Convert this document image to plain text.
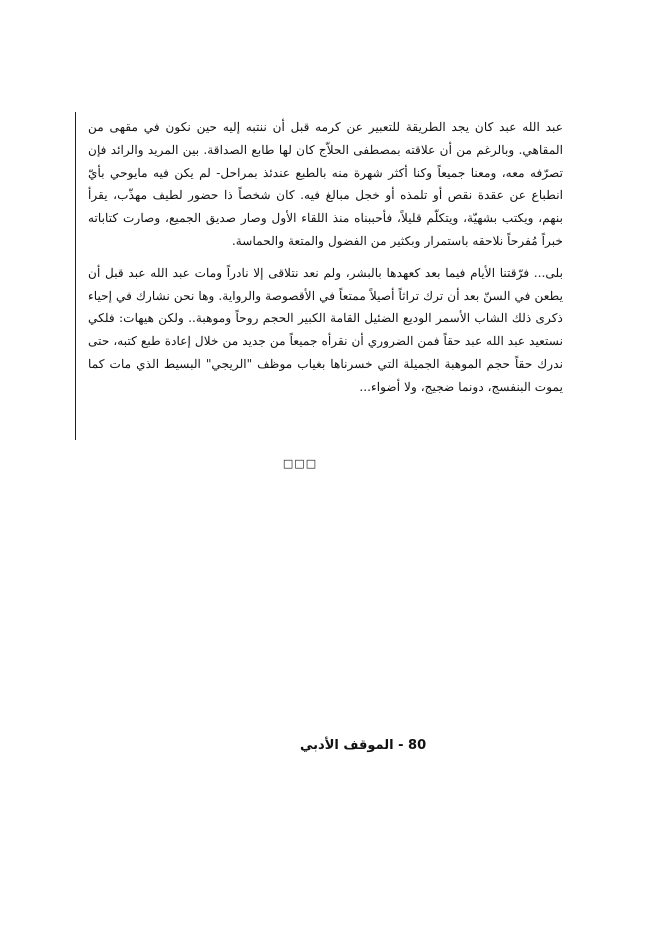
عبد الله عبد كان يجد الطريقة للتعبير عن كرمه قبل أن ننتبه إليه حين نكون في مقهى من المقاهي. وبالرغم من أن علاقته بمصطفى الحلاّج كان لها طابع الصداقة. بين المريد والرائد فإن تصرّفه معه، ومعنا جميعاً وكنا أكثر شهرة منه بالطبع عندئذ بمراحل- لم يكن فيه مايوحي بأيّ انطباع عن عقدة نقص أو تلمذه أو خجل مبالغ فيه. كان شخصاً ذا حضور لطيف مهذّب، يقرأ بنهم، ويكتب بشهيّة، ويتكلّم قليلاً، فأحببناه منذ اللقاء الأول وصار صديق الجميع، وصارت كتاباته خبراً مُفرحاً نلاحقه باستمرار وبكثير من الفضول والمتعة والحماسة.

بلى... فرّقتنا الأيام فيما بعد كعهدها بالبشر، ولم نعد نتلاقى إلا نادراً ومات عبد الله عبد قبل أن يطعن في السنّ بعد أن ترك تراثاً أصيلاً ممتعاً في الأقصوصة والرواية. وها نحن نشارك في إحياء ذكرى ذلك الشاب الأسمر الوديع الضئيل القامة الكبير الحجم روحاً وموهبة.. ولكن هيهات: فلكي نستعيد عبد الله عبد حقاً فمن الضروري أن نقرأه جميعاً من جديد من خلال إعادة طبع كتبه، حتى ندرك حقاً حجم الموهبة الجميلة التي خسرناها بغياب موظف "الريجي" البسيط الذي مات كما يموت البنفسج، دونما ضجيج، ولا أضواء...

□□□
80 - الموقف الأدبي
